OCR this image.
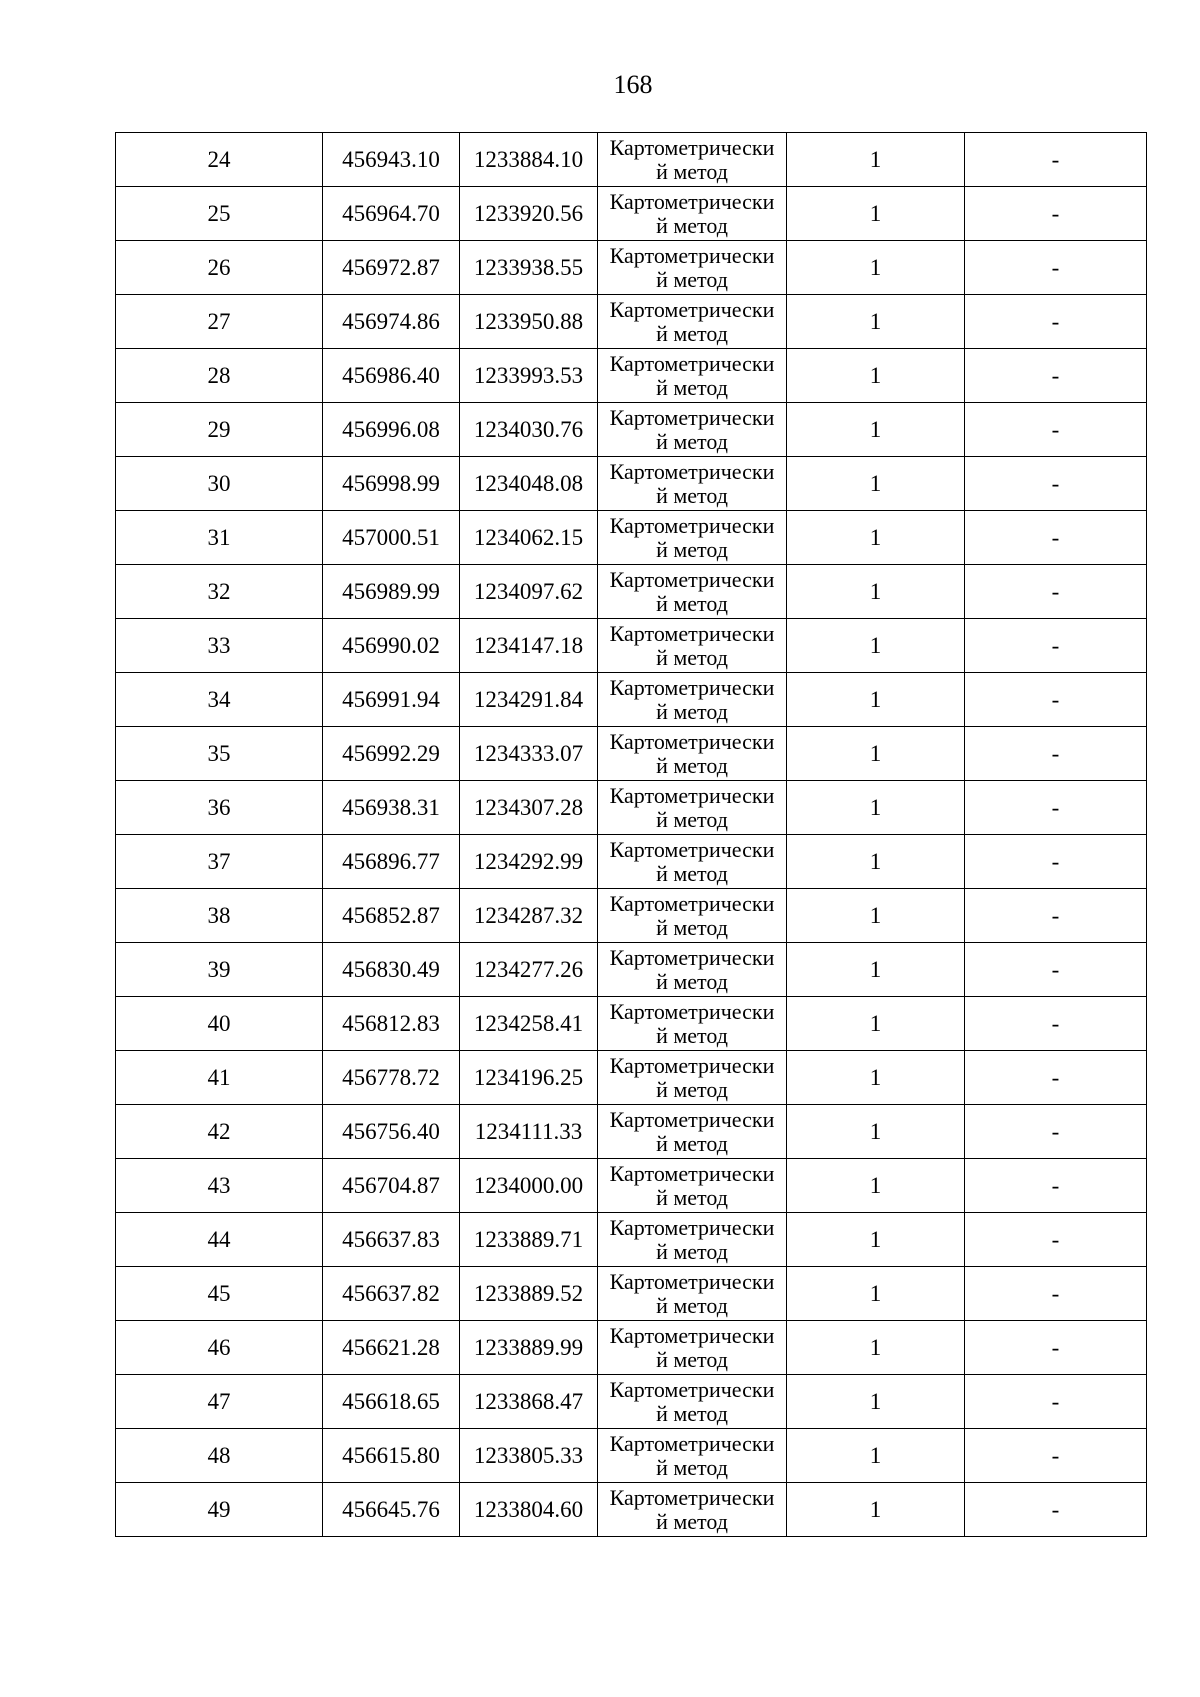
168
24	456943.10	1233884.10	Картометрически
й метод	1	-
25	456964.70	1233920.56	Картометрически
й метод	1	-
26	456972.87	1233938.55	Картометрически
й метод	1	-
27	456974.86	1233950.88	Картометрически
й метод	1	-
28	456986.40	1233993.53	Картометрически
й метод	1	-
29	456996.08	1234030.76	Картометрически
й метод	1	-
30	456998.99	1234048.08	Картометрически
й метод	1	-
31	457000.51	1234062.15	Картометрически
й метод	1	-
32	456989.99	1234097.62	Картометрически
й метод	1	-
33	456990.02	1234147.18	Картометрически
й метод	1	-
34	456991.94	1234291.84	Картометрически
й метод	1	-
35	456992.29	1234333.07	Картометрически
й метод	1	-
36	456938.31	1234307.28	Картометрически
й метод	1	-
37	456896.77	1234292.99	Картометрически
й метод	1	-
38	456852.87	1234287.32	Картометрически
й метод	1	-
39	456830.49	1234277.26	Картометрически
й метод	1	-
40	456812.83	1234258.41	Картометрически
й метод	1	-
41	456778.72	1234196.25	Картометрически
й метод	1	-
42	456756.40	1234111.33	Картометрически
й метод	1	-
43	456704.87	1234000.00	Картометрически
й метод	1	-
44	456637.83	1233889.71	Картометрически
й метод	1	-
45	456637.82	1233889.52	Картометрически
й метод	1	-
46	456621.28	1233889.99	Картометрически
й метод	1	-
47	456618.65	1233868.47	Картометрически
й метод	1	-
48	456615.80	1233805.33	Картометрически
й метод	1	-
49	456645.76	1233804.60	Картометрически
й метод	1	-
